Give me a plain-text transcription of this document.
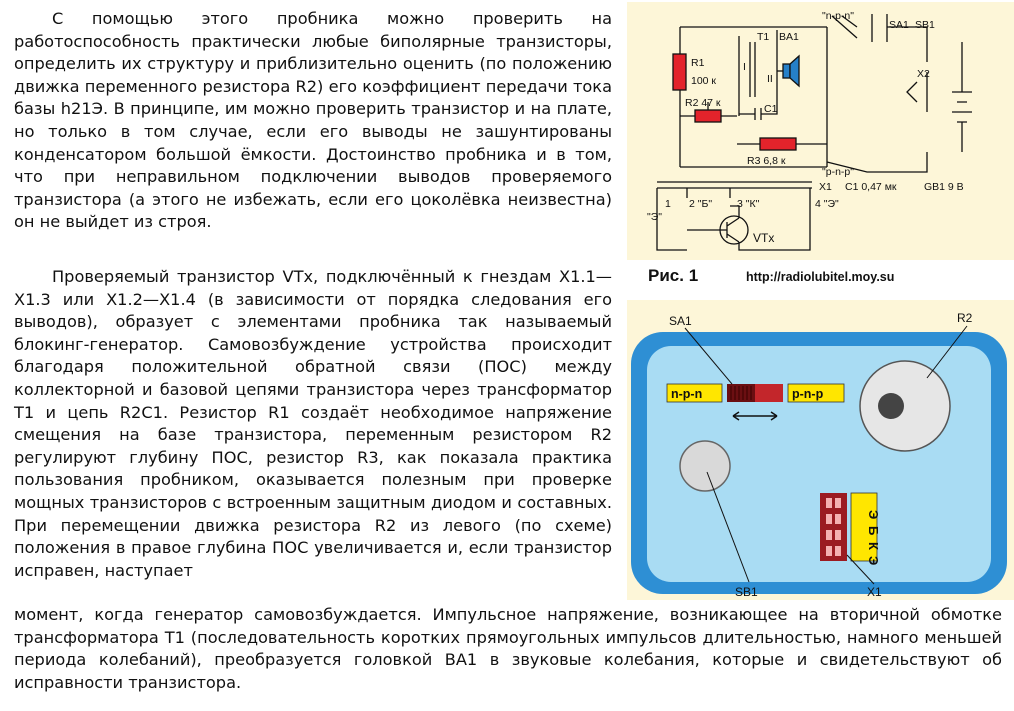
С помощью этого пробника можно проверить на работоспособность практически любые биполярные транзисторы, определить их структуру и приблизительно оценить (по положению движка переменного резистора R2) его коэффициент передачи тока базы h21Э. В принципе, им можно проверить транзистор и на плате, но только в том случае, если его выводы не зашунтированы конденсатором большой ёмкости. Достоинство пробника и в том, что при неправильном подключении выводов проверяемого транзистора (а этого не избежать, если его цоколёвка неизвестна) он не выйдет из строя.

Проверяемый транзистор VTx, подключённый к гнездам X1.1— X1.3 или X1.2—X1.4 (в зависимости от порядка следования его выводов), образует с элементами пробника так называемый блокинг-генератор. Самовозбуждение устройства происходит благодаря положительной обратной связи (ПОС) между коллекторной и базовой цепями транзистора через трансформатор Т1 и цепь R2С1. Резистор R1 создаёт необходимое напряжение смещения на базе транзистора, переменным резистором R2 регулируют глубину ПОС, резистор R3, как показала практика пользования пробником, оказывается полезным при проверке мощных транзисторов с встроенным защитным диодом и составных. При перемещении движка резистора R2 из левого (по схеме) положения в правое глубина ПОС увеличивается и, если транзистор исправен, наступает

момент, когда генератор самовозбуждается. Импульсное напряжение, возникающее на вторичной обмотке трансформатора Т1 (последовательность коротких прямоугольных импульсов длительностью, намного меньшей периода колебаний), преобразуется головкой ВА1 в звуковые колебания, которые и свидетельствуют об исправности транзистора.

"n-p-n"
SA1 SB1
T1 BA1
R1
100 к
I
II
R2 47 к	C1
X2
R3 6,8 к
"p-n-p"
X1 C1 0,47 мк	GB1 9 В
1
"Э"
2 "Б" 3 "К"	4 "Э"
VTx
Рис. 1	http://radiolubitel.moy.su
SA1	R2
SB1	X1
n-p-n	p-n-p
Э
Б
К
Э
